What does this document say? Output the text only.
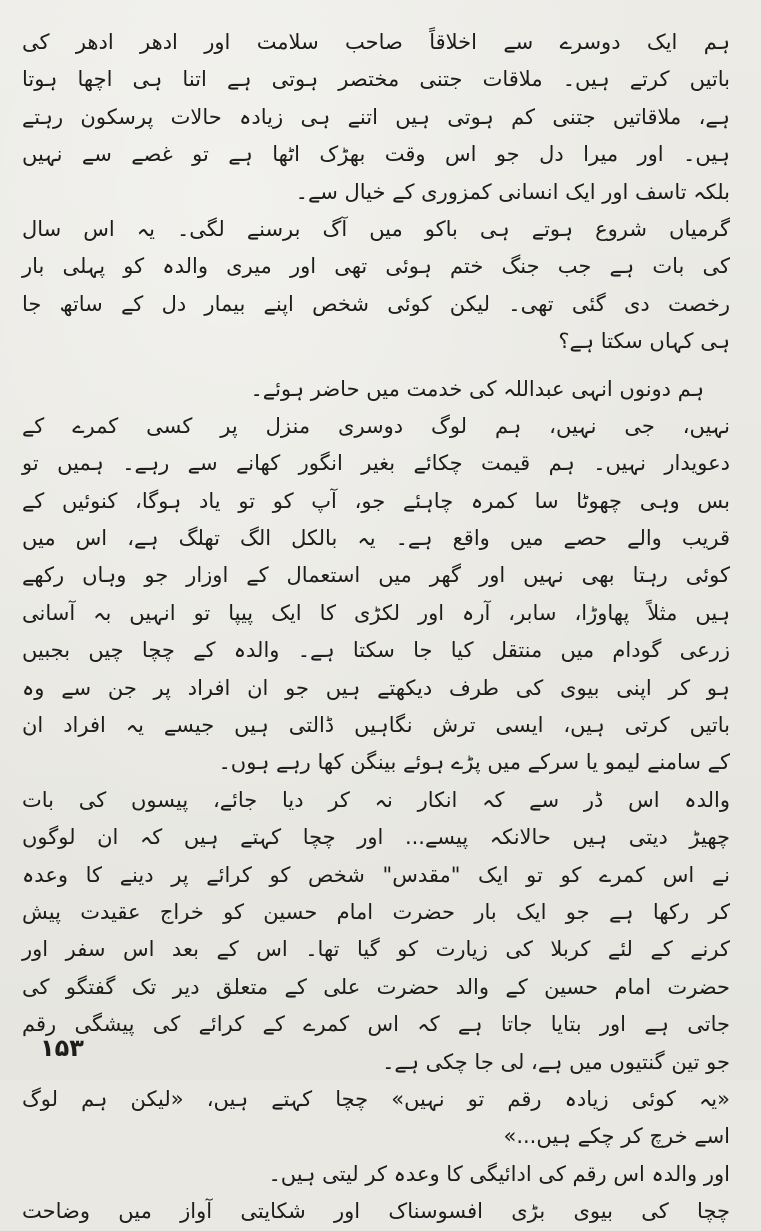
ہم ایک دوسرے سے اخلاقاً صاحب سلامت اور ادھر ادھر کی
باتیں کرتے ہیں۔ ملاقات جتنی مختصر ہوتی ہے اتنا ہی اچھا ہوتا
ہے، ملاقاتیں جتنی کم ہوتی ہیں اتنے ہی زیادہ حالات پرسکون رہتے
ہیں۔ اور میرا دل جو اس وقت بھڑک اٹھا ہے تو غصے سے نہیں
بلکہ تاسف اور ایک انسانی کمزوری کے خیال سے۔
گرمیاں شروع ہوتے ہی باکو میں آگ برسنے لگی۔ یہ اس سال
کی بات ہے جب جنگ ختم ہوئی تھی اور میری والدہ کو پہلی بار
رخصت دی گئی تھی۔ لیکن کوئی شخص اپنے بیمار دل کے ساتھ جا
ہی کہاں سکتا ہے؟
ہم دونوں انہی عبداللہ کی خدمت میں حاضر ہوئے۔
نہیں، جی نہیں، ہم لوگ دوسری منزل پر کسی کمرے کے
دعویدار نہیں۔ ہم قیمت چکائے بغیر انگور کھانے سے رہے۔ ہمیں تو
بس وہی چھوٹا سا کمرہ چاہئے جو، آپ کو تو یاد ہوگا، کنوئیں کے
قریب والے حصے میں واقع ہے۔ یہ بالکل الگ تھلگ ہے، اس میں
کوئی رہتا بھی نہیں اور گھر میں استعمال کے اوزار جو وہاں رکھے
ہیں مثلاً پھاوڑا، سابر، آرہ اور لکڑی کا ایک پیپا تو انہیں بہ آسانی
زرعی گودام میں منتقل کیا جا سکتا ہے۔ والدہ کے چچا چیں بجبیں
ہو کر اپنی بیوی کی طرف دیکھتے ہیں جو ان افراد پر جن سے وہ
باتیں کرتی ہیں، ایسی ترش نگاہیں ڈالتی ہیں جیسے یہ افراد ان
کے سامنے لیمو یا سرکے میں پڑے ہوئے بینگن کھا رہے ہوں۔
والدہ اس ڈر سے کہ انکار نہ کر دیا جائے، پیسوں کی بات
چھیڑ دیتی ہیں حالانکہ پیسے... اور چچا کہتے ہیں کہ ان لوگوں
نے اس کمرے کو تو ایک "مقدس" شخص کو کرائے پر دینے کا وعدہ
کر رکھا ہے جو ایک بار حضرت امام حسین کو خراج عقیدت پیش
کرنے کے لئے کربلا کی زیارت کو گیا تھا۔ اس کے بعد اس سفر اور
حضرت امام حسین کے والد حضرت علی کے متعلق دیر تک گفتگو کی
جاتی ہے اور بتایا جاتا ہے کہ اس کمرے کے کرائے کی پیشگی رقم
جو تین گنتیوں میں ہے، لی جا چکی ہے۔
«یہ کوئی زیادہ رقم تو نہیں» چچا کہتے ہیں، «لیکن ہم لوگ
اسے خرچ کر چکے ہیں...»
اور والدہ اس رقم کی ادائیگی کا وعدہ کر لیتی ہیں۔
چچا کی بیوی بڑی افسوسناک اور شکایتی آواز میں وضاحت
۱۵۳
